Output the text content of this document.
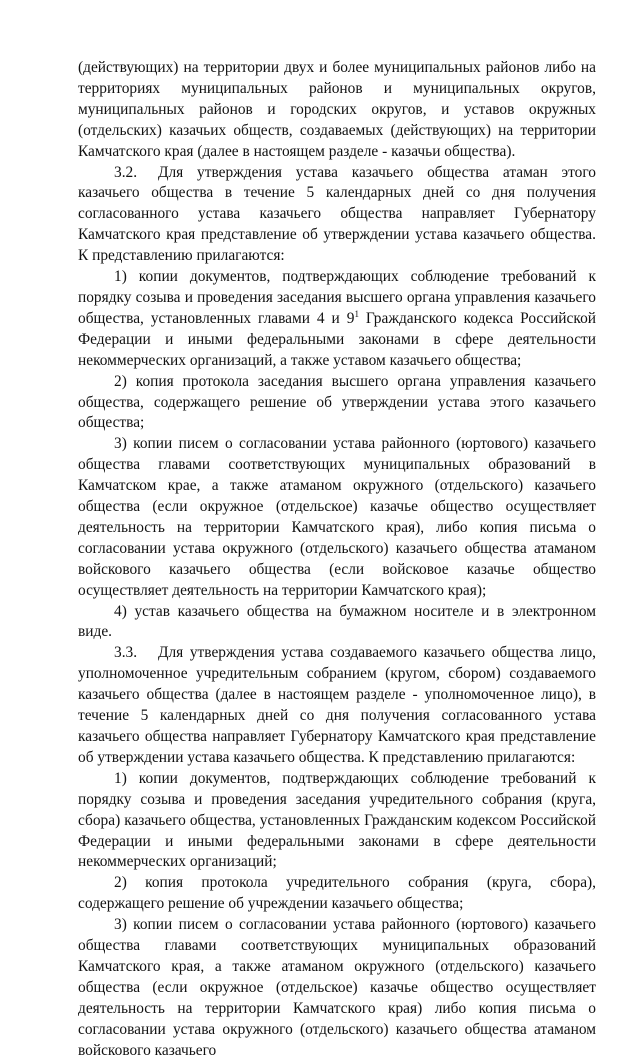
(действующих) на территории двух и более муниципальных районов либо на территориях муниципальных районов и муниципальных округов, муниципальных районов и городских округов, и уставов окружных (отдельских) казачьих обществ, создаваемых (действующих) на территории Камчатского края (далее в настоящем разделе - казачьи общества).

3.2. Для утверждения устава казачьего общества атаман этого казачьего общества в течение 5 календарных дней со дня получения согласованного устава казачьего общества направляет Губернатору Камчатского края представление об утверждении устава казачьего общества. К представлению прилагаются:

1) копии документов, подтверждающих соблюдение требований к порядку созыва и проведения заседания высшего органа управления казачьего общества, установленных главами 4 и $9^1$ Гражданского кодекса Российской Федерации и иными федеральными законами в сфере деятельности некоммерческих организаций, а также уставом казачьего общества;

2) копия протокола заседания высшего органа управления казачьего общества, содержащего решение об утверждении устава этого казачьего общества;

3) копии писем о согласовании устава районного (юртового) казачьего общества главами соответствующих муниципальных образований в Камчатском крае, а также атаманом окружного (отдельского) казачьего общества (если окружное (отдельское) казачье общество осуществляет деятельность на территории Камчатского края), либо копия письма о согласовании устава окружного (отдельского) казачьего общества атаманом войскового казачьего общества (если войсковое казачье общество осуществляет деятельность на территории Камчатского края);

4) устав казачьего общества на бумажном носителе и в электронном виде.

3.3. Для утверждения устава создаваемого казачьего общества лицо, уполномоченное учредительным собранием (кругом, сбором) создаваемого казачьего общества (далее в настоящем разделе - уполномоченное лицо), в течение 5 календарных дней со дня получения согласованного устава казачьего общества направляет Губернатору Камчатского края представление об утверждении устава казачьего общества. К представлению прилагаются:

1) копии документов, подтверждающих соблюдение требований к порядку созыва и проведения заседания учредительного собрания (круга, сбора) казачьего общества, установленных Гражданским кодексом Российской Федерации и иными федеральными законами в сфере деятельности некоммерческих организаций;

2) копия протокола учредительного собрания (круга, сбора), содержащего решение об учреждении казачьего общества;

3) копии писем о согласовании устава районного (юртового) казачьего общества главами соответствующих муниципальных образований Камчатского края, а также атаманом окружного (отдельского) казачьего общества (если окружное (отдельское) казачье общество осуществляет деятельность на территории Камчатского края) либо копия письма о согласовании устава окружного (отдельского) казачьего общества атаманом войскового казачьего
